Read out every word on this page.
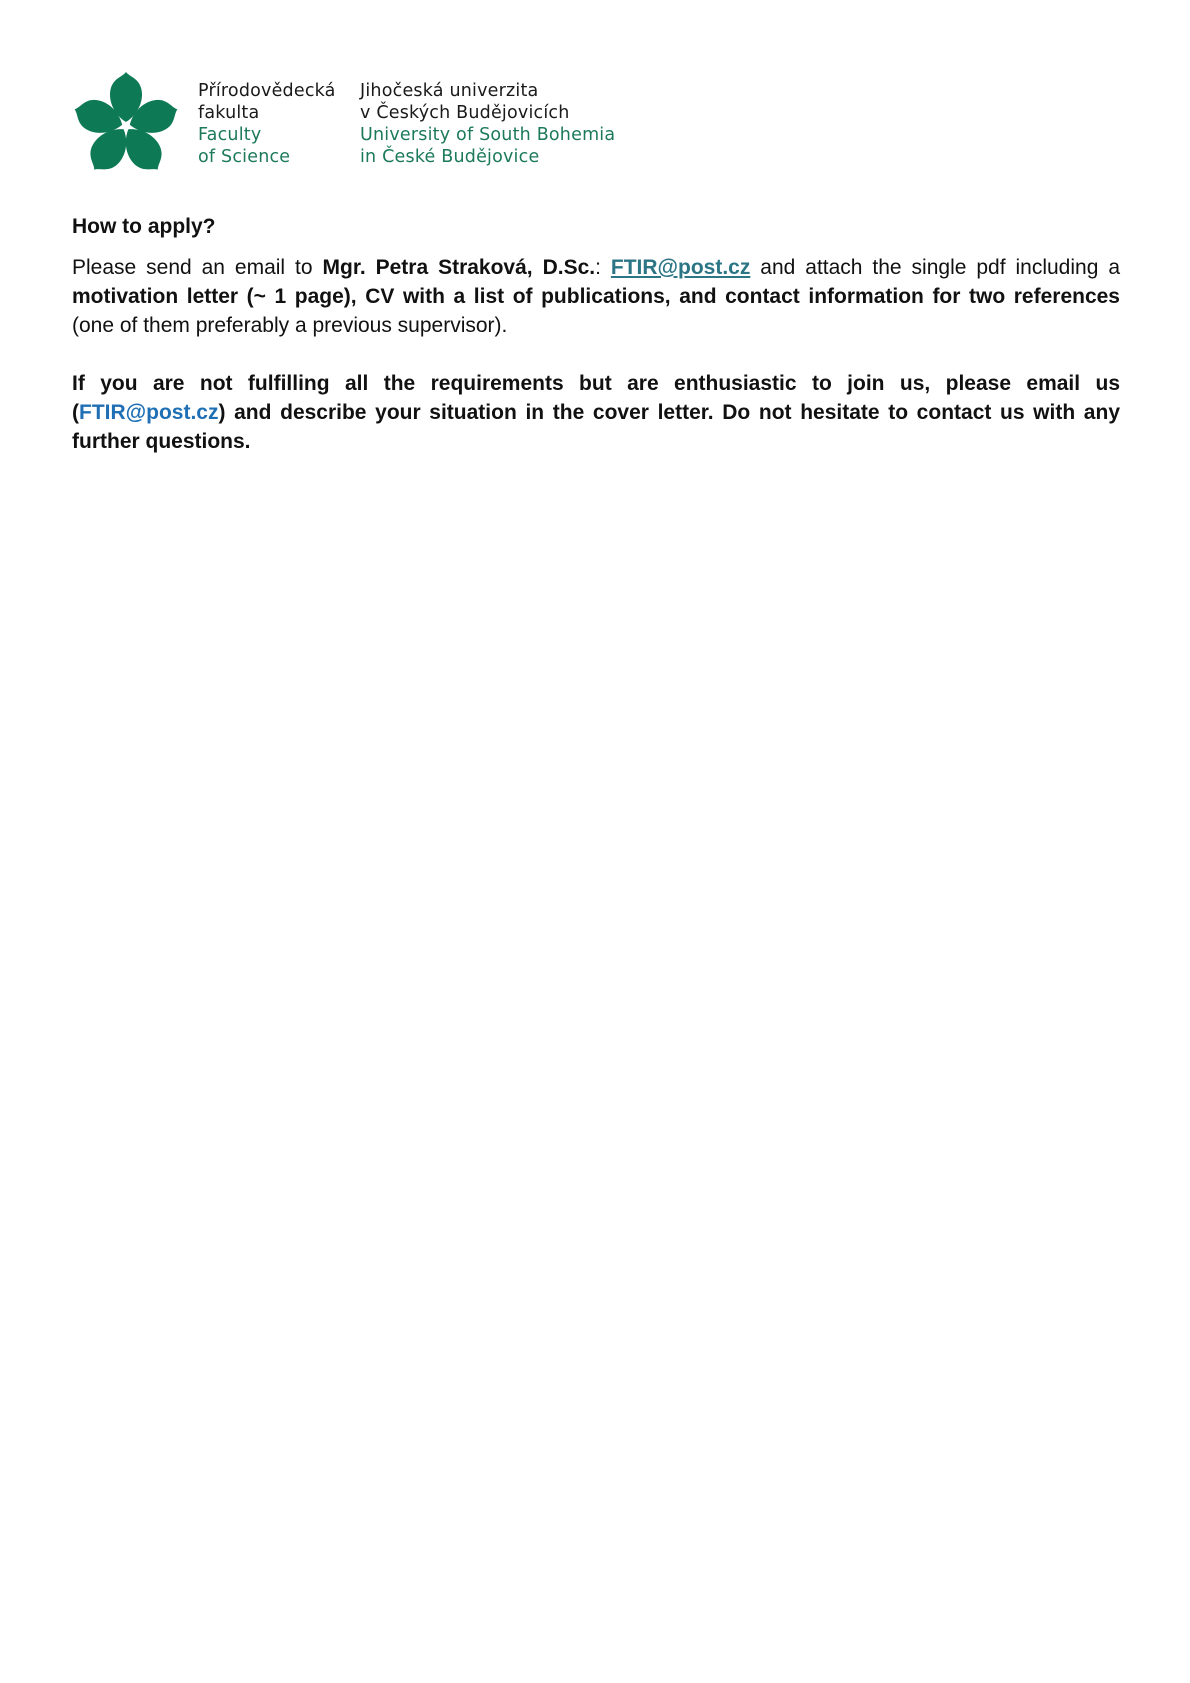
Přírodovědecká
fakulta
Faculty
of Science
Jihočeská univerzita
v Českých Budějovicích
University of South Bohemia
in České Budějovice
How to apply?

Please send an email to Mgr. Petra Straková, D.Sc.: FTIR@post.cz and attach the single pdf including a motivation letter (~ 1 page), CV with a list of publications, and contact information for two references (one of them preferably a previous supervisor).

If you are not fulfilling all the requirements but are enthusiastic to join us, please email us (FTIR@post.cz) and describe your situation in the cover letter. Do not hesitate to contact us with any further questions.
